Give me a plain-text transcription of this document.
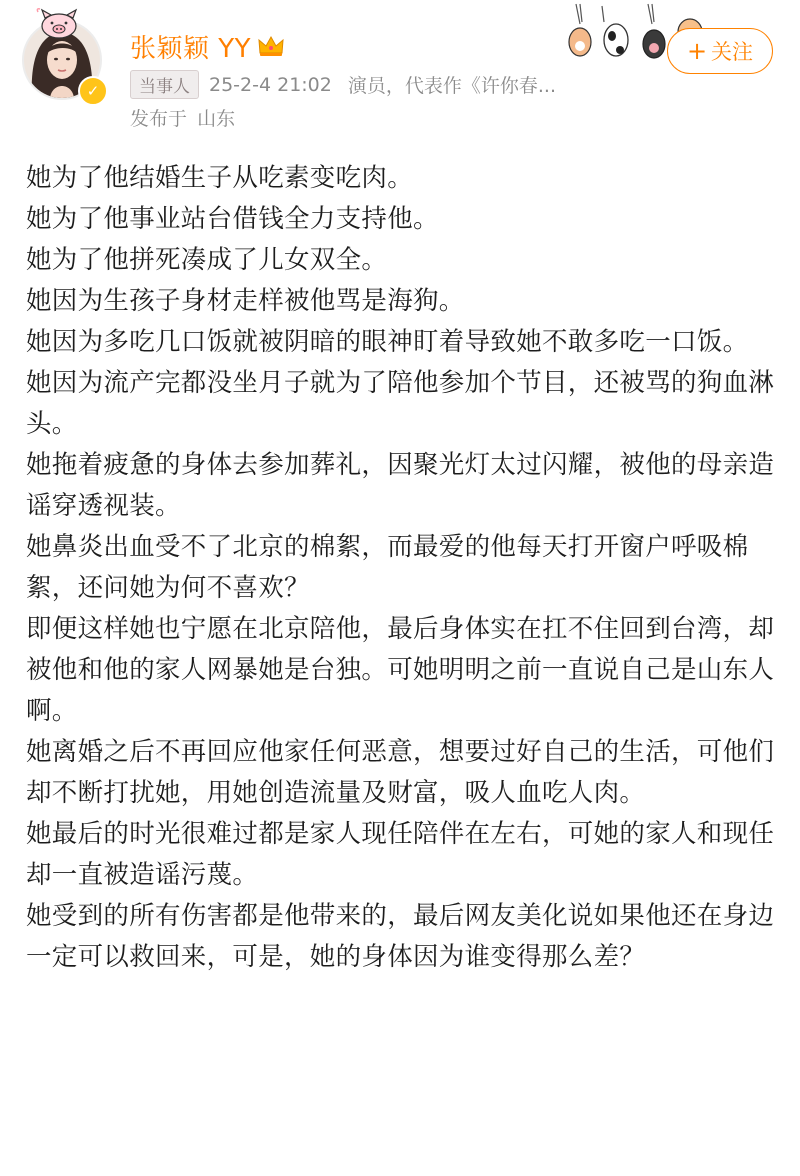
✓
张颖颖 YY
当事人	25-2-4 21:02 演员，代表作《许你春...
发布于 山东
+ 关注

她为了他结婚生子从吃素变吃肉。

她为了他事业站台借钱全力支持他。

她为了他拼死凑成了儿女双全。

她因为生孩子身材走样被他骂是海狗。

她因为多吃几口饭就被阴暗的眼神盯着导致她不敢多吃一口饭。

她因为流产完都没坐月子就为了陪他参加个节目，还被骂的狗血淋头。

她拖着疲惫的身体去参加葬礼，因聚光灯太过闪耀，被他的母亲造谣穿透视装。

她鼻炎出血受不了北京的棉絮，而最爱的他每天打开窗户呼吸棉絮，还问她为何不喜欢？

即便这样她也宁愿在北京陪他，最后身体实在扛不住回到台湾，却被他和他的家人网暴她是台独。可她明明之前一直说自己是山东人啊。

她离婚之后不再回应他家任何恶意，想要过好自己的生活，可他们却不断打扰她，用她创造流量及财富，吸人血吃人肉。

她最后的时光很难过都是家人现任陪伴在左右，可她的家人和现任却一直被造谣污蔑。

她受到的所有伤害都是他带来的，最后网友美化说如果他还在身边一定可以救回来，可是，她的身体因为谁变得那么差？
